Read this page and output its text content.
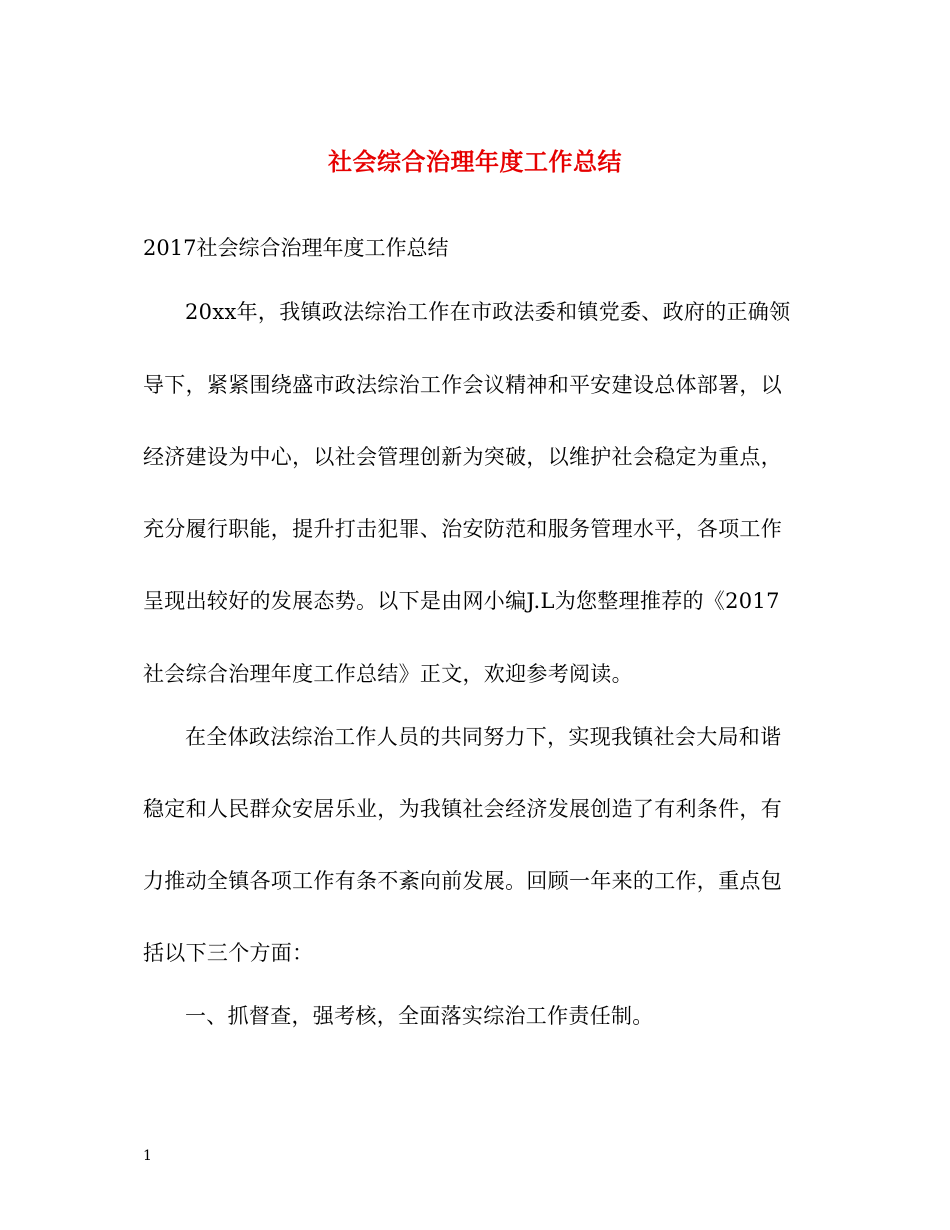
社会综合治理年度工作总结
2017社会综合治理年度工作总结
20xx年，我镇政法综治工作在市政法委和镇党委、政府的正确领
导下，紧紧围绕盛市政法综治工作会议精神和平安建设总体部署，以
经济建设为中心，以社会管理创新为突破，以维护社会稳定为重点，
充分履行职能，提升打击犯罪、治安防范和服务管理水平，各项工作
呈现出较好的发展态势。以下是由网小编J.L为您整理推荐的《2017
社会综合治理年度工作总结》正文，欢迎参考阅读。
在全体政法综治工作人员的共同努力下，实现我镇社会大局和谐
稳定和人民群众安居乐业，为我镇社会经济发展创造了有利条件，有
力推动全镇各项工作有条不紊向前发展。回顾一年来的工作，重点包
括以下三个方面：
一、抓督查，强考核，全面落实综治工作责任制。
1
